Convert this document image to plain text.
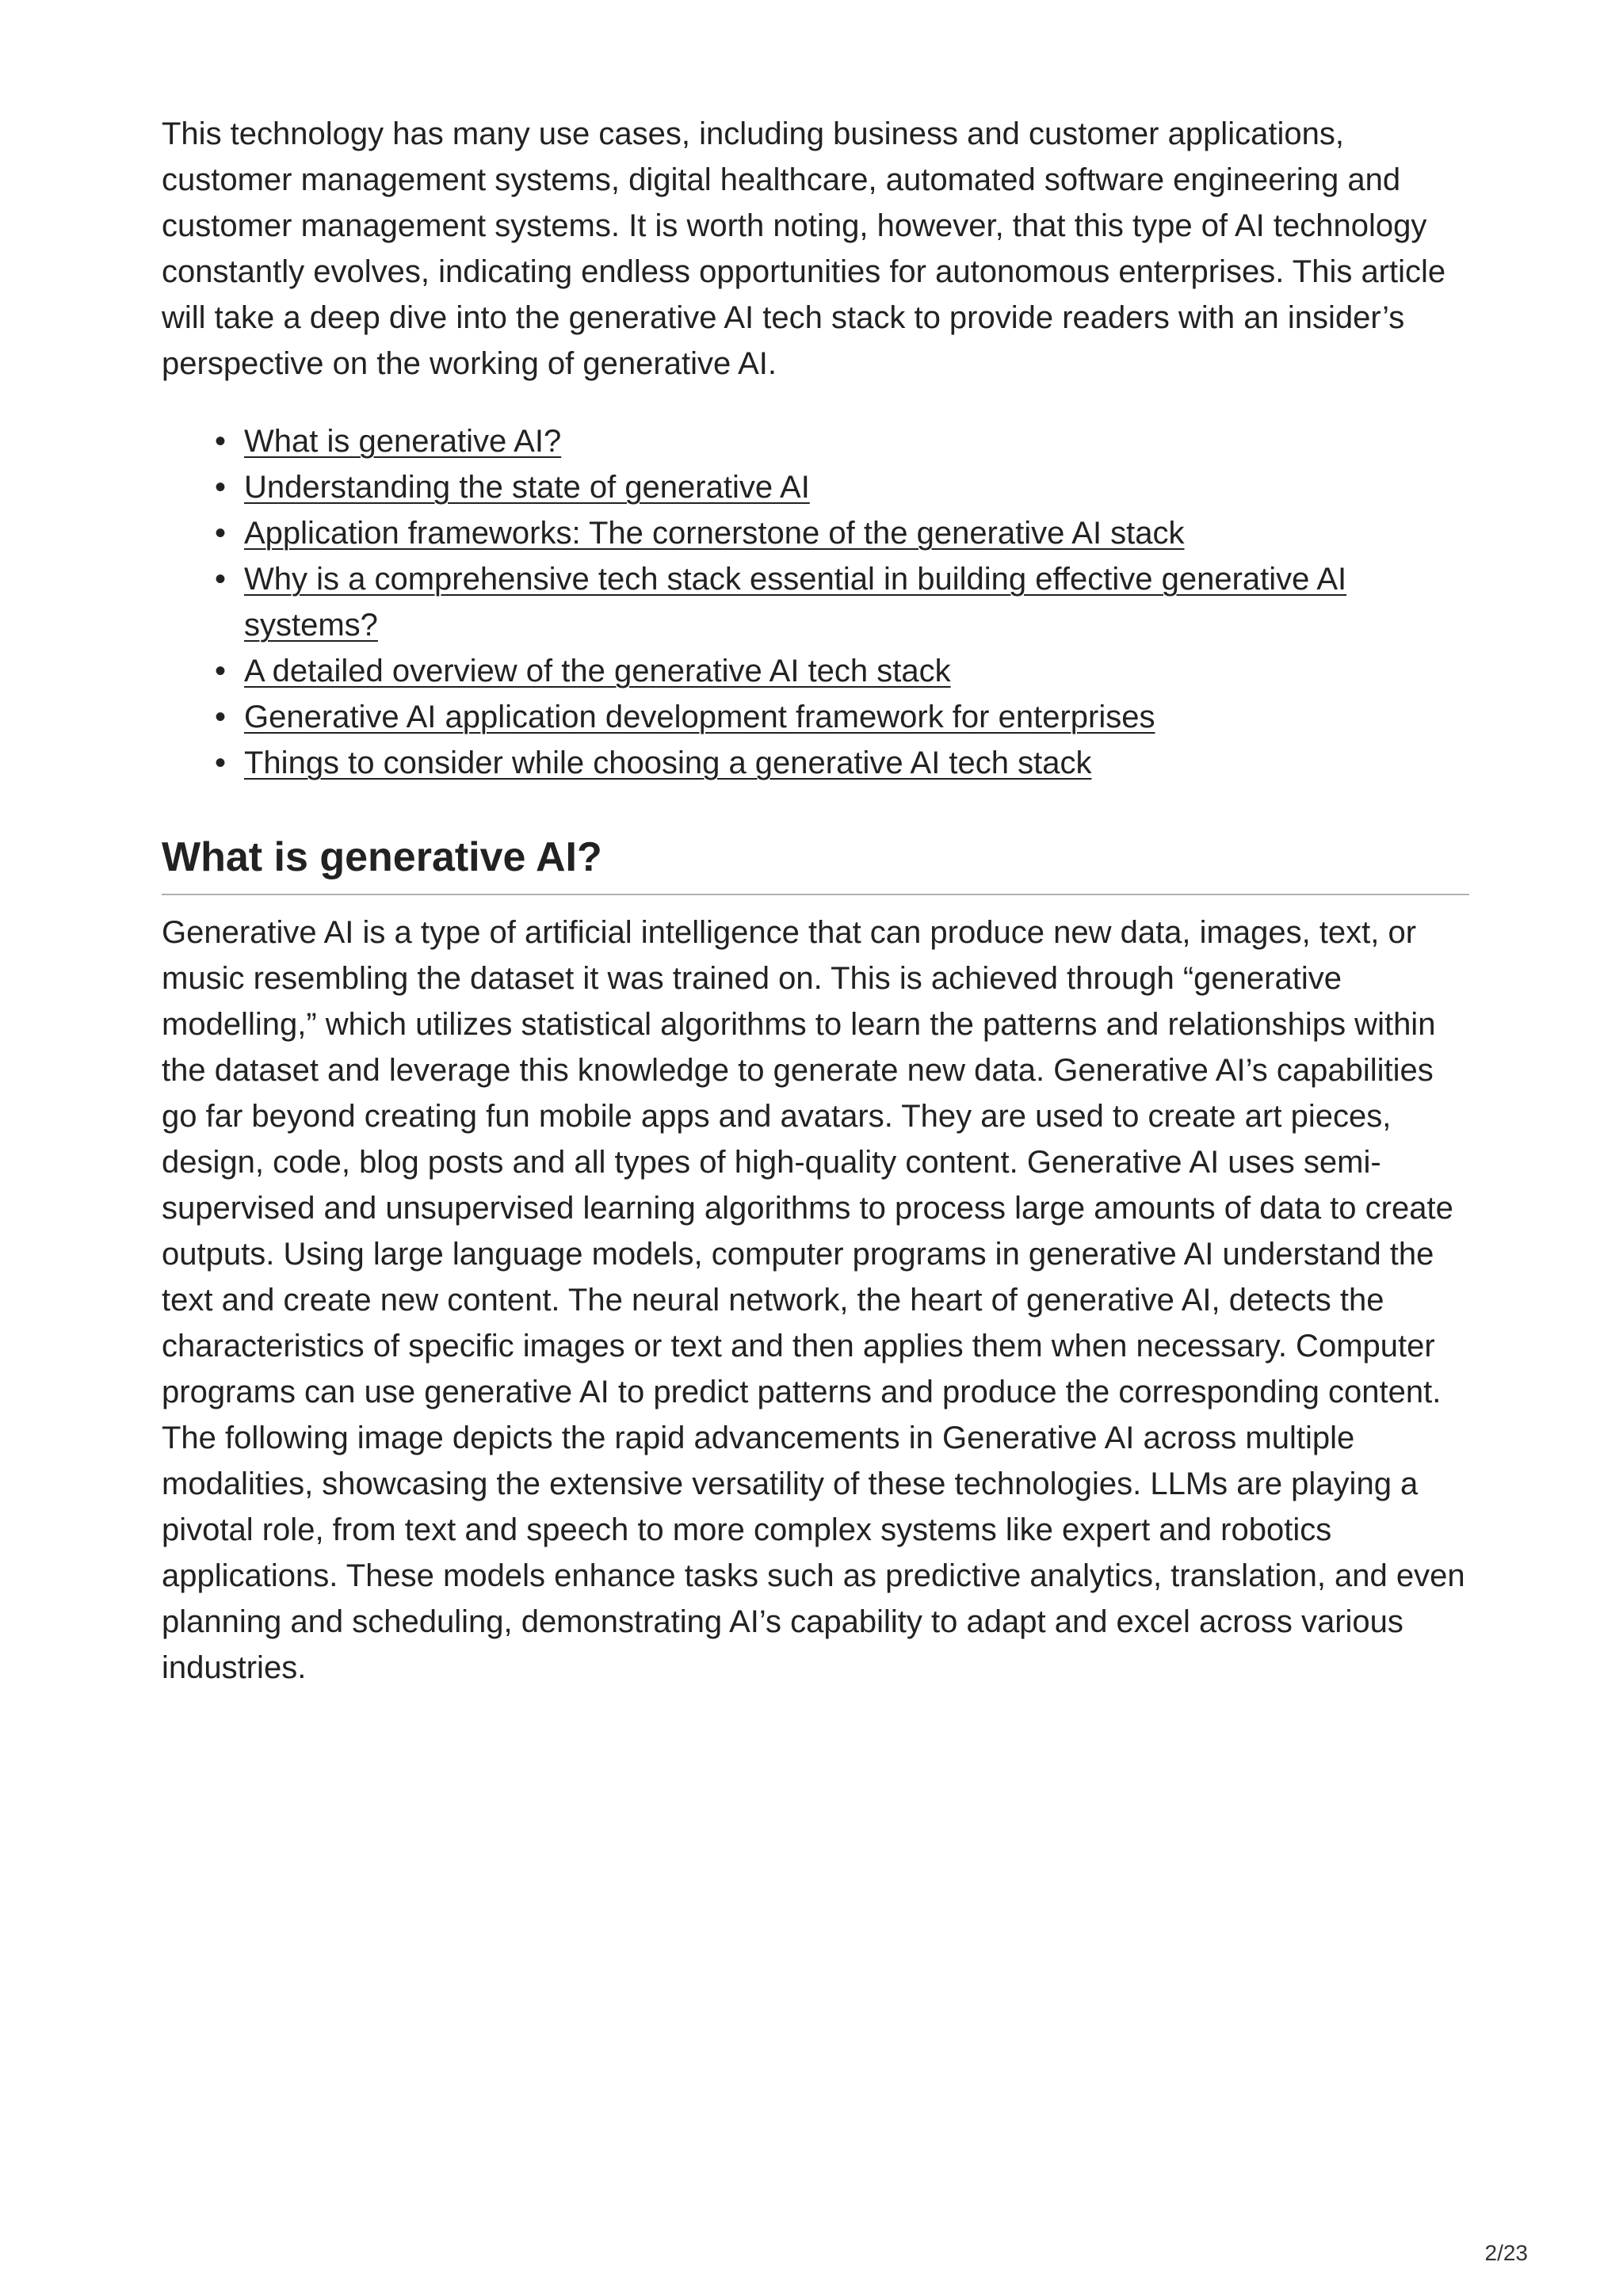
This technology has many use cases, including business and customer applications, customer management systems, digital healthcare, automated software engineering and customer management systems. It is worth noting, however, that this type of AI technology constantly evolves, indicating endless opportunities for autonomous enterprises. This article will take a deep dive into the generative AI tech stack to provide readers with an insider’s perspective on the working of generative AI.

• What is generative AI?
• Understanding the state of generative AI
• Application frameworks: The cornerstone of the generative AI stack
• Why is a comprehensive tech stack essential in building effective generative AI systems?
• A detailed overview of the generative AI tech stack
• Generative AI application development framework for enterprises
• Things to consider while choosing a generative AI tech stack
What is generative AI?

Generative AI is a type of artificial intelligence that can produce new data, images, text, or music resembling the dataset it was trained on. This is achieved through “generative modelling,” which utilizes statistical algorithms to learn the patterns and relationships within the dataset and leverage this knowledge to generate new data. Generative AI’s capabilities go far beyond creating fun mobile apps and avatars. They are used to create art pieces, design, code, blog posts and all types of high-quality content. Generative AI uses semi-supervised and unsupervised learning algorithms to process large amounts of data to create outputs. Using large language models, computer programs in generative AI understand the text and create new content. The neural network, the heart of generative AI, detects the characteristics of specific images or text and then applies them when necessary. Computer programs can use generative AI to predict patterns and produce the corresponding content. The following image depicts the rapid advancements in Generative AI across multiple modalities, showcasing the extensive versatility of these technologies. LLMs are playing a pivotal role, from text and speech to more complex systems like expert and robotics applications. These models enhance tasks such as predictive analytics, translation, and even planning and scheduling, demonstrating AI’s capability to adapt and excel across various industries.

2/23
